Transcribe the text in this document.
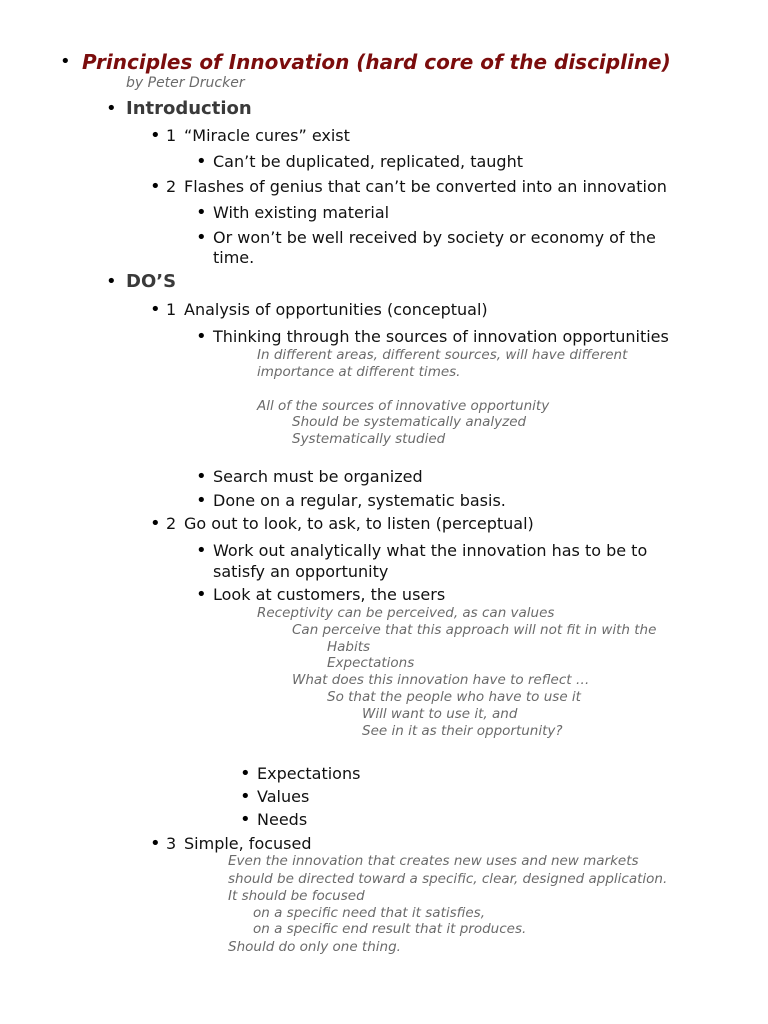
• Principles of Innovation (hard core of the discipline)
by Peter Drucker
• Introduction
• 1 “Miracle cures” exist
• Can’t be duplicated, replicated, taught
• 2 Flashes of genius that can’t be converted into an innovation
• With existing material
• Or won’t be well received by society or economy of the
time.
• DO’S
• 1 Analysis of opportunities (conceptual)
• Thinking through the sources of innovation opportunities
In different areas, different sources, will have different
importance at different times.
All of the sources of innovative opportunity
Should be systematically analyzed
Systematically studied
• Search must be organized
• Done on a regular, systematic basis.
• 2 Go out to look, to ask, to listen (perceptual)
• Work out analytically what the innovation has to be to
satisfy an opportunity
• Look at customers, the users
Receptivity can be perceived, as can values
Can perceive that this approach will not fit in with the
Habits
Expectations
What does this innovation have to reflect …
So that the people who have to use it
Will want to use it, and
See in it as their opportunity?
• Expectations
• Values
• Needs
• 3 Simple, focused
Even the innovation that creates new uses and new markets
should be directed toward a specific, clear, designed application.
It should be focused
on a specific need that it satisfies,
on a specific end result that it produces.
Should do only one thing.
